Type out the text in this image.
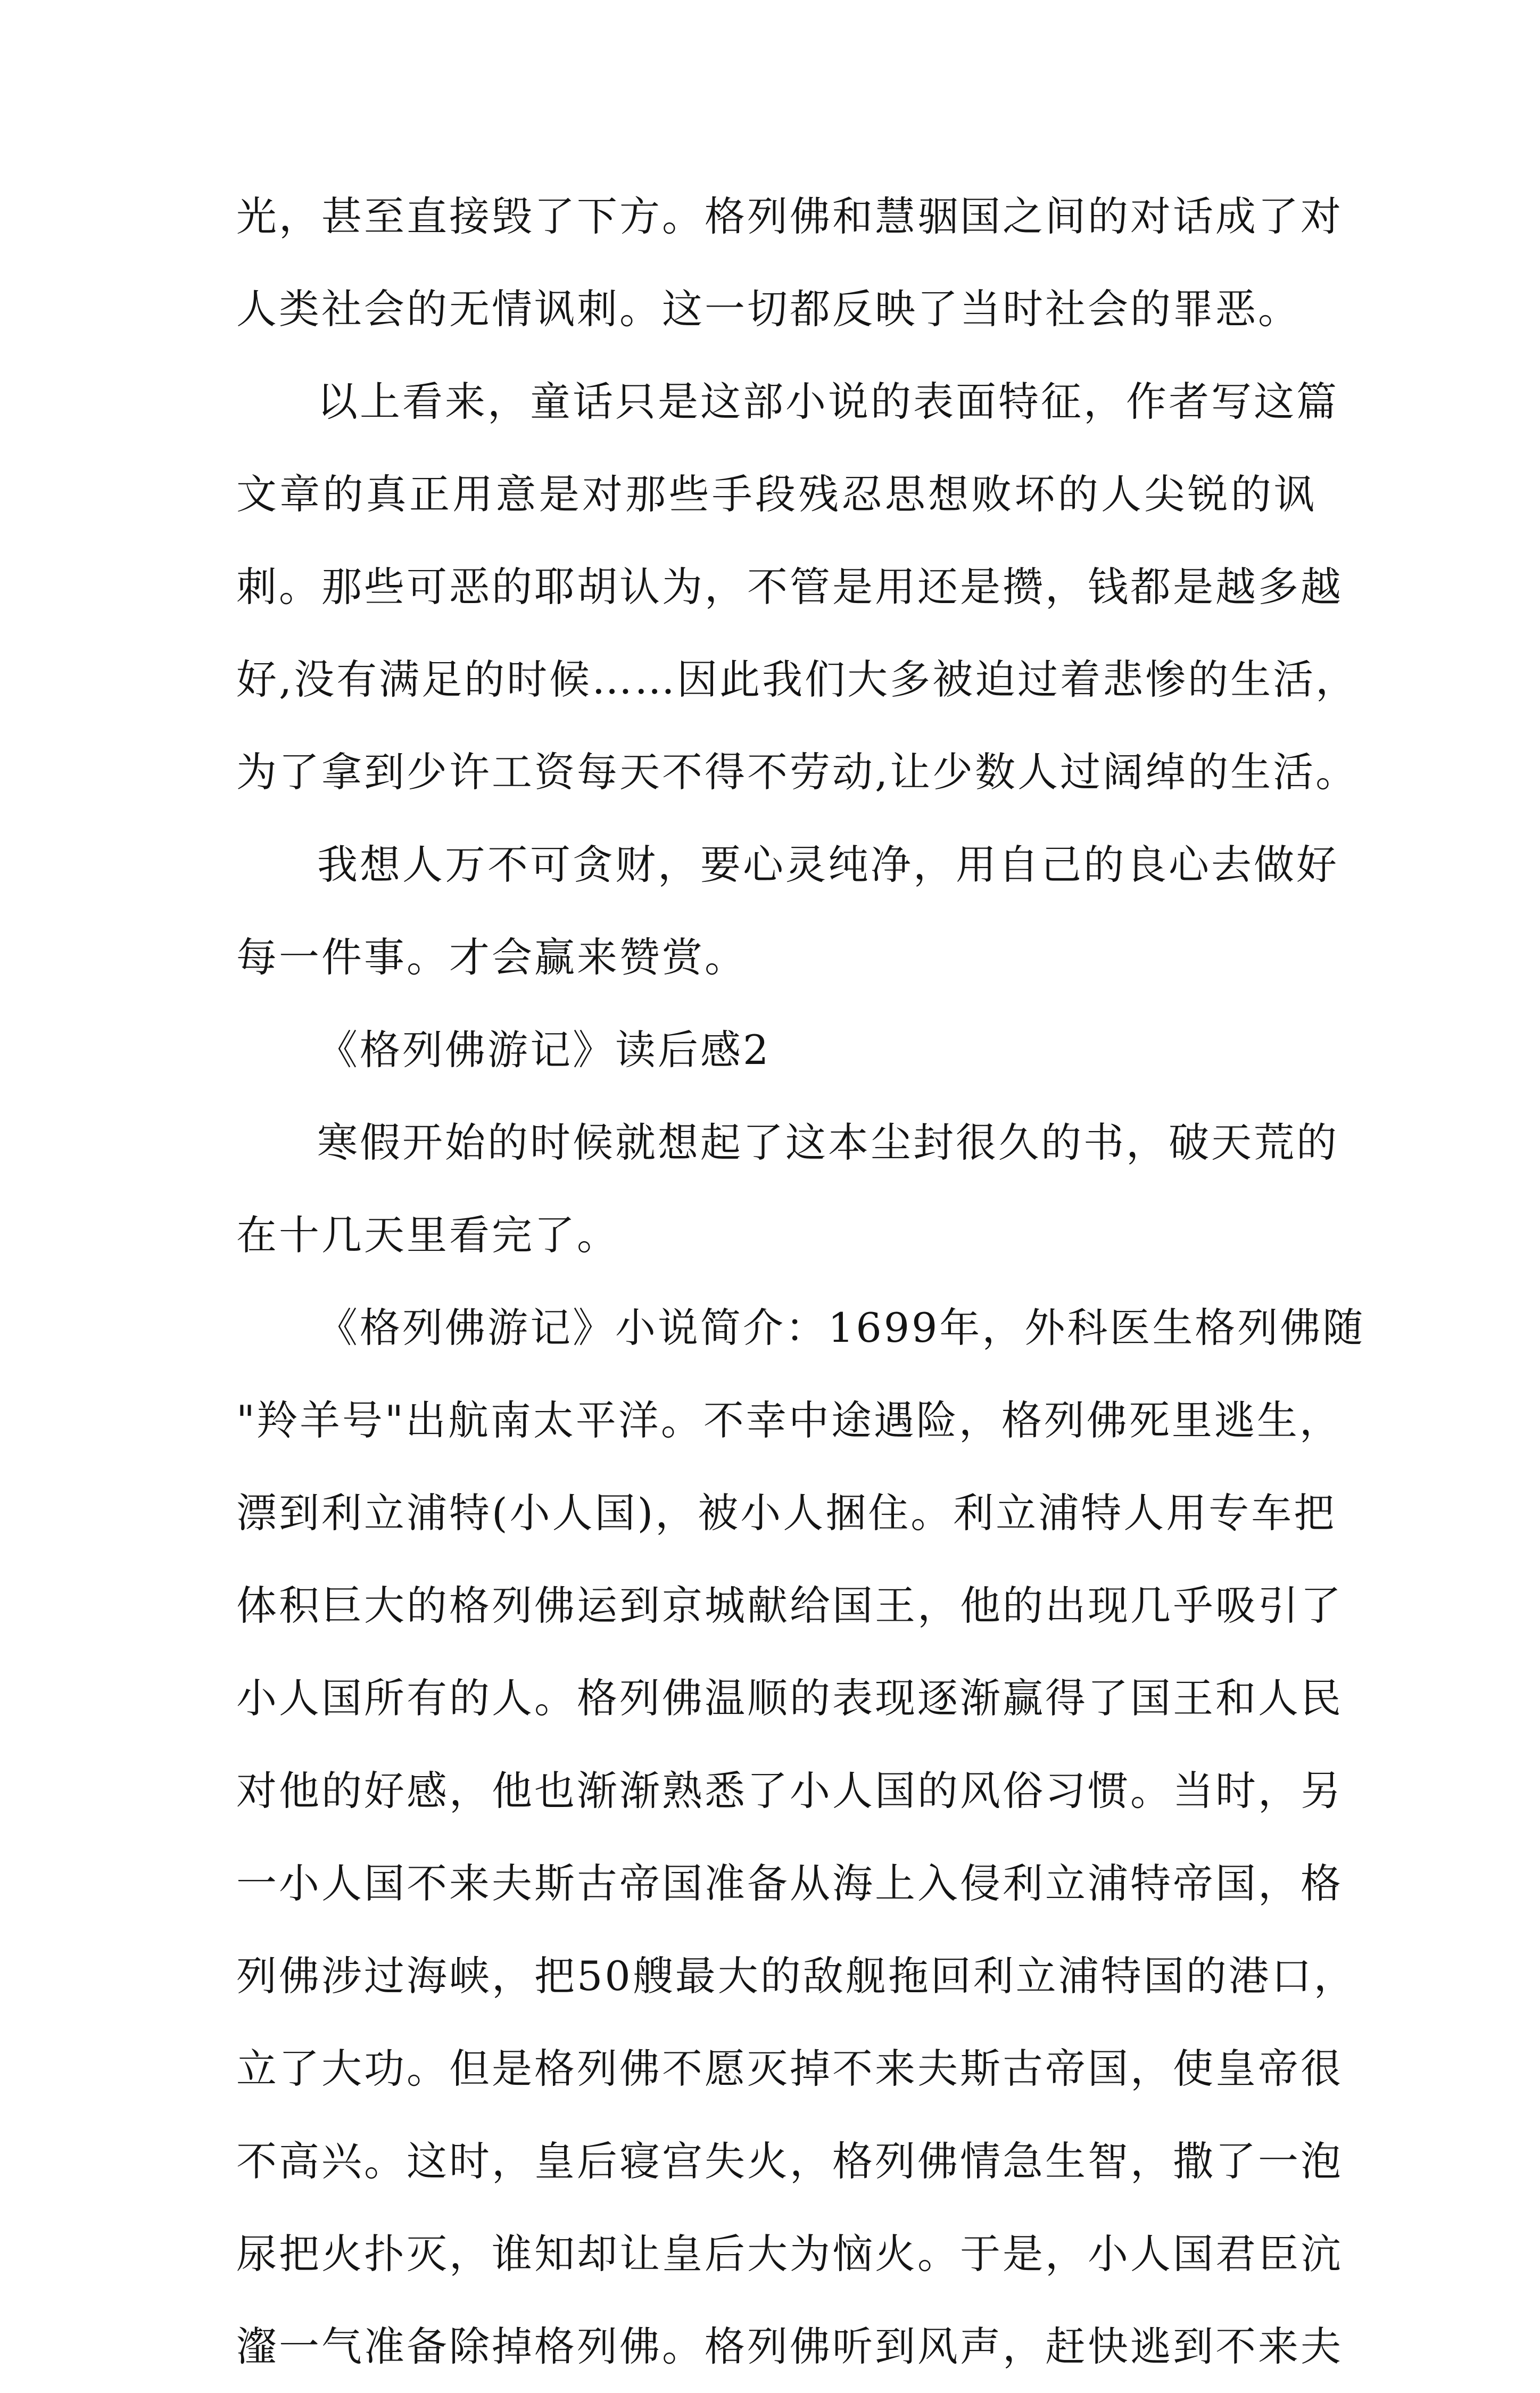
光，甚至直接毁了下方。格列佛和慧骃国之间的对话成了对
人类社会的无情讽刺。这一切都反映了当时社会的罪恶。
以上看来，童话只是这部小说的表面特征，作者写这篇
文章的真正用意是对那些手段残忍思想败坏的人尖锐的讽
刺。那些可恶的耶胡认为，不管是用还是攒，钱都是越多越
好,没有满足的时候……因此我们大多被迫过着悲惨的生活，
为了拿到少许工资每天不得不劳动,让少数人过阔绰的生活。
我想人万不可贪财，要心灵纯净，用自己的良心去做好
每一件事。才会赢来赞赏。
《格列佛游记》读后感2
寒假开始的时候就想起了这本尘封很久的书，破天荒的
在十几天里看完了。
《格列佛游记》小说简介：1699年，外科医生格列佛随
"羚羊号"出航南太平洋。不幸中途遇险，格列佛死里逃生，
漂到利立浦特(小人国)，被小人捆住。利立浦特人用专车把
体积巨大的格列佛运到京城献给国王，他的出现几乎吸引了
小人国所有的人。格列佛温顺的表现逐渐赢得了国王和人民
对他的好感，他也渐渐熟悉了小人国的风俗习惯。当时，另
一小人国不来夫斯古帝国准备从海上入侵利立浦特帝国，格
列佛涉过海峡，把50艘最大的敌舰拖回利立浦特国的港口，
立了大功。但是格列佛不愿灭掉不来夫斯古帝国，使皇帝很
不高兴。这时，皇后寝宫失火，格列佛情急生智，撒了一泡
尿把火扑灭，谁知却让皇后大为恼火。于是，小人国君臣沆
瀣一气准备除掉格列佛。格列佛听到风声，赶快逃到不来夫
